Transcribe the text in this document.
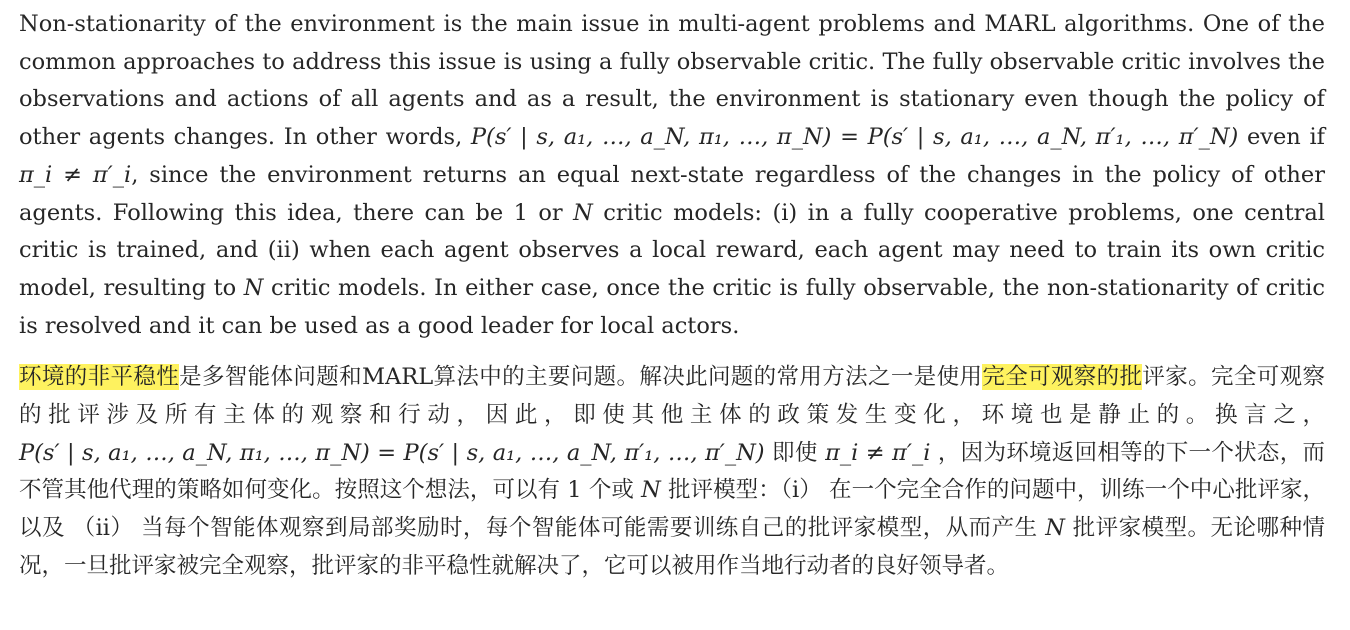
Non-stationarity of the environment is the main issue in multi-agent problems and MARL algorithms. One of the common approaches to address this issue is using a fully observable critic. The fully observable critic involves the observations and actions of all agents and as a result, the environment is stationary even though the policy of other agents changes. In other words, P(s′ | s, a₁, …, a_N, π₁, …, π_N) = P(s′ | s, a₁, …, a_N, π′₁, …, π′_N) even if π_i ≠ π′_i, since the environment returns an equal next-state regardless of the changes in the policy of other agents. Following this idea, there can be 1 or N critic models: (i) in a fully cooperative problems, one central critic is trained, and (ii) when each agent observes a local reward, each agent may need to train its own critic model, resulting to N critic models. In either case, once the critic is fully observable, the non-stationarity of critic is resolved and it can be used as a good leader for local actors.

环境的非平稳性是多智能体问题和MARL算法中的主要问题。解决此问题的常用方法之一是使用完全可观察的批评家。完全可观察的批评涉及所有主体的观察和行动，因此，即使其他主体的政策发生变化，环境也是静止的。换言之， P(s′ | s, a₁, …, a_N, π₁, …, π_N) = P(s′ | s, a₁, …, a_N, π′₁, …, π′_N) 即使 π_i ≠ π′_i ，因为环境返回相等的下一个状态，而不管其他代理的策略如何变化。按照这个想法，可以有 1 个或 N 批评模型：（i） 在一个完全合作的问题中，训练一个中心批评家，以及 （ii） 当每个智能体观察到局部奖励时，每个智能体可能需要训练自己的批评家模型，从而产生 N 批评家模型。无论哪种情况，一旦批评家被完全观察，批评家的非平稳性就解决了，它可以被用作当地行动者的良好领导者。
